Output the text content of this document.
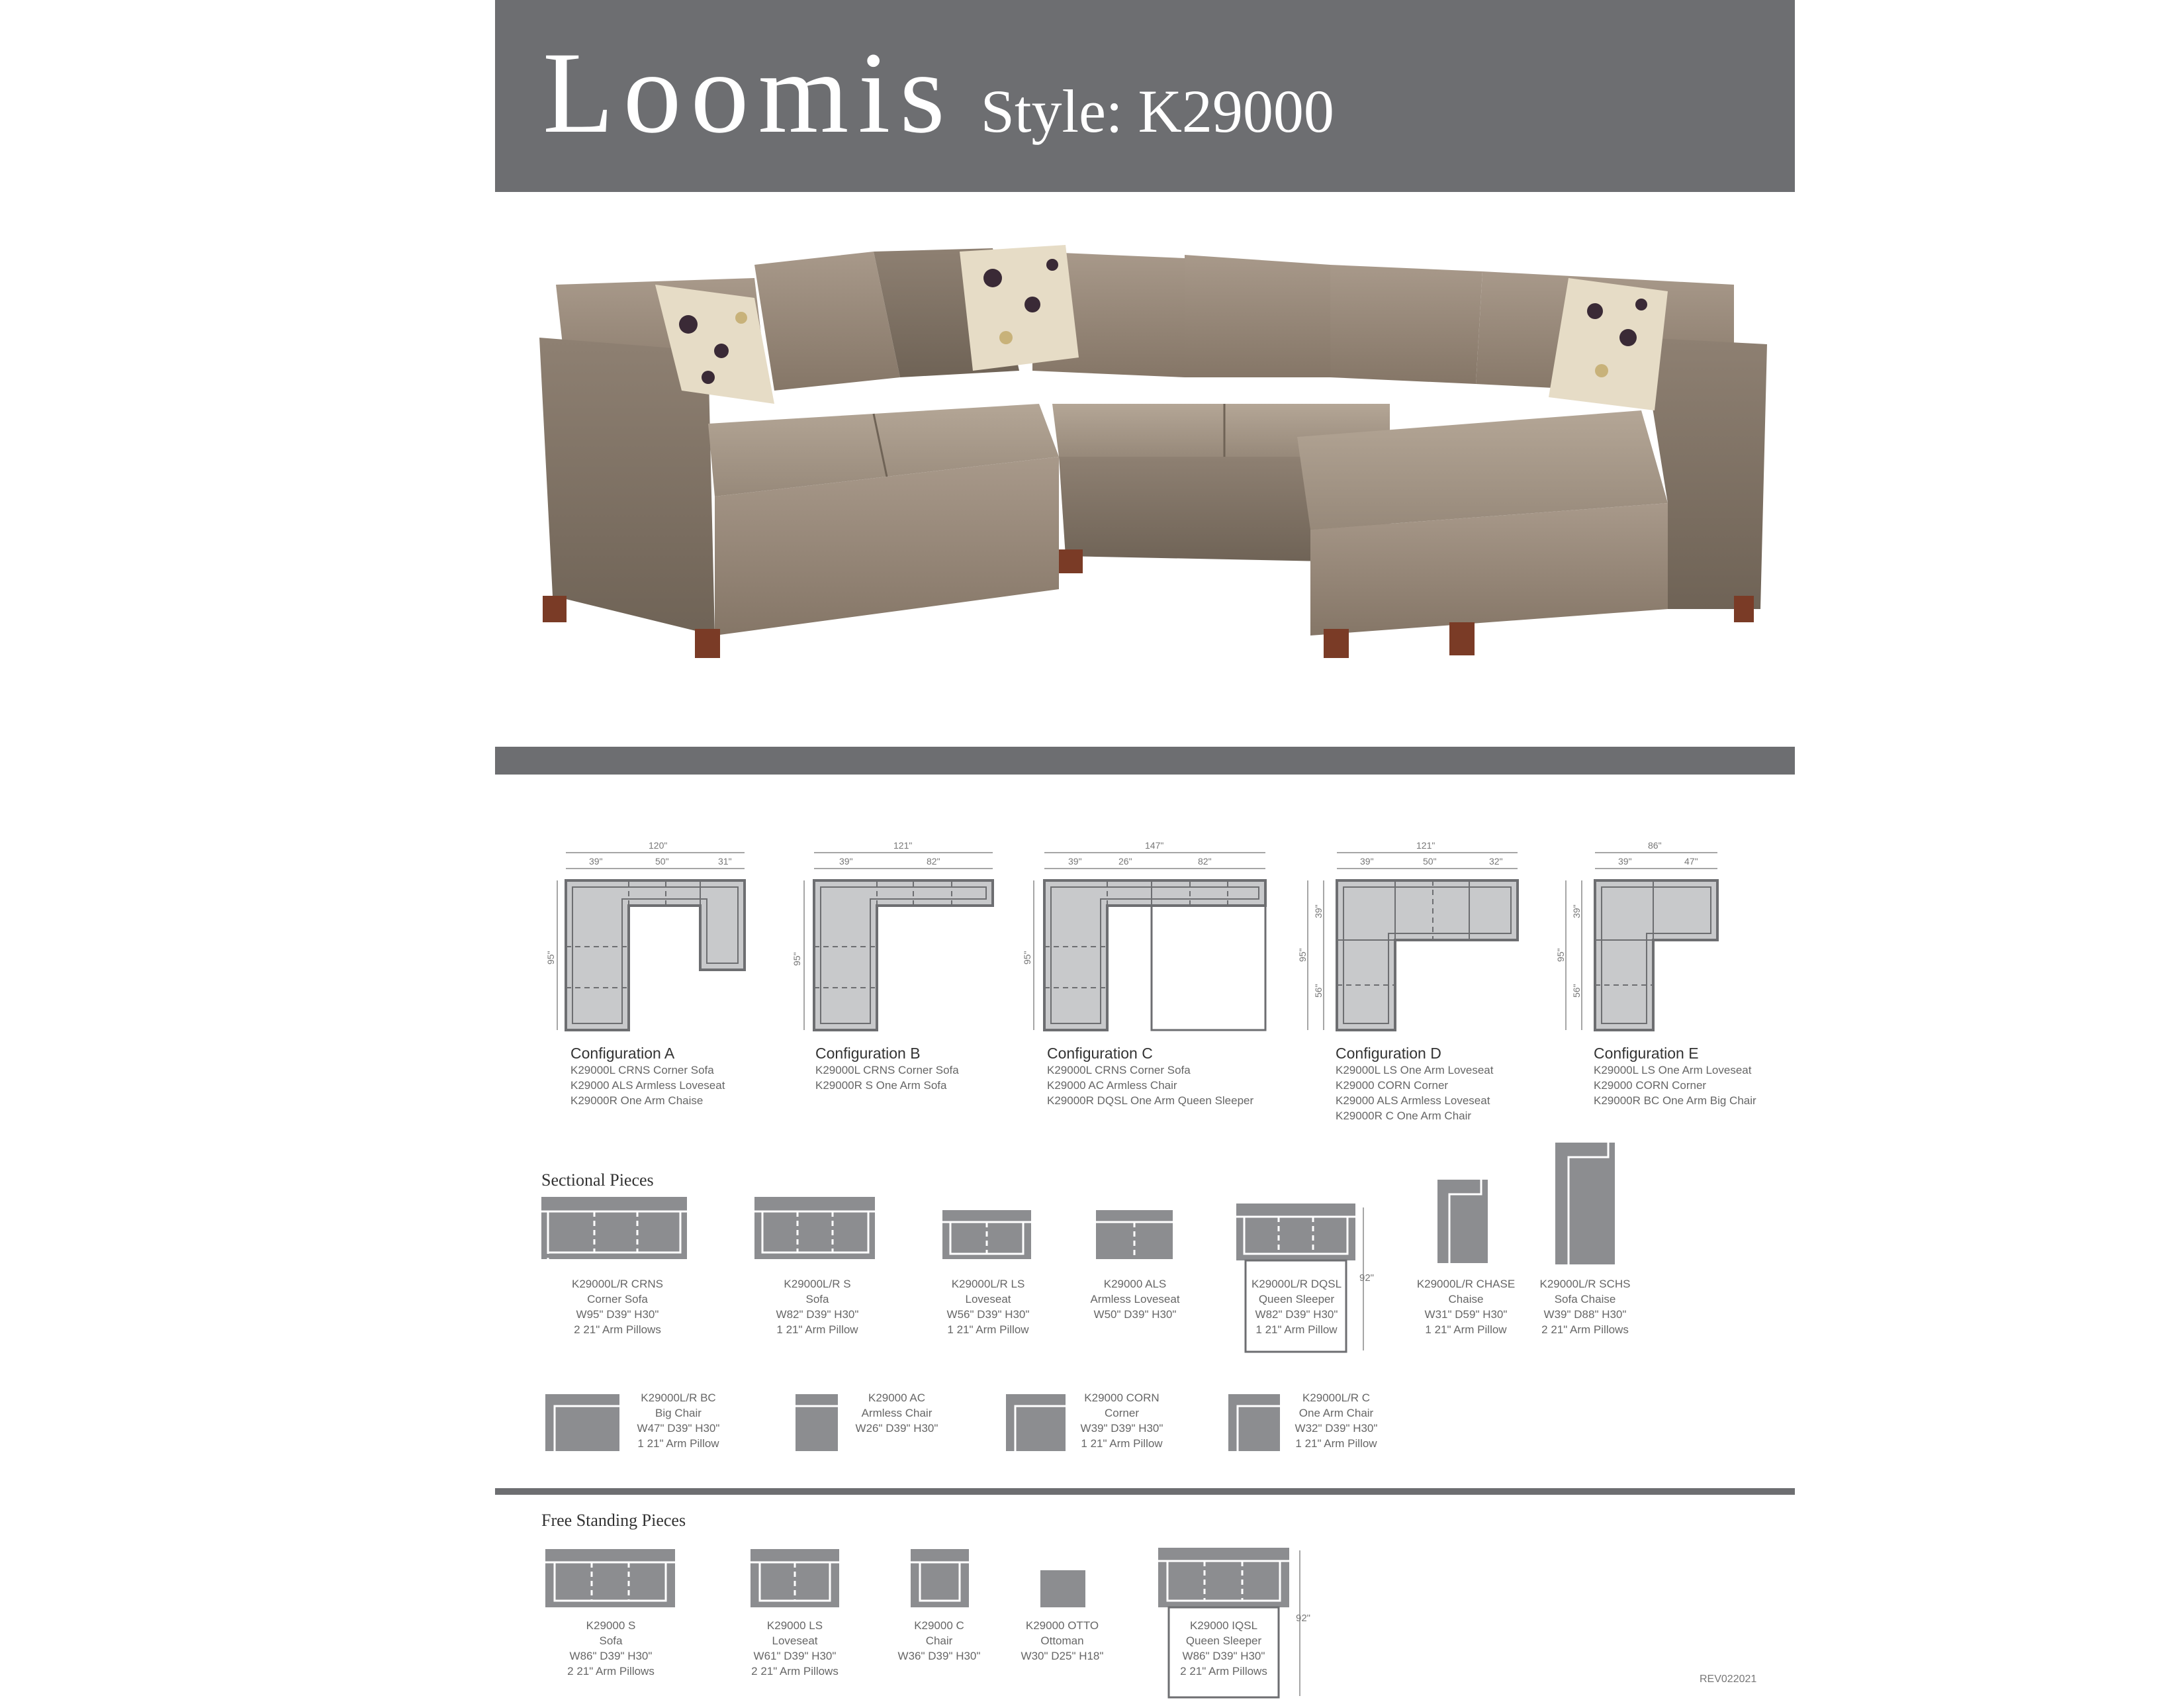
Loomis Style: K29000
120"
39"	50"	31"
95"
Configuration A
K29000L CRNS Corner Sofa
K29000 ALS Armless Loveseat
K29000R One Arm Chaise
121"
39"	82"
95"
Configuration B
K29000L CRNS Corner Sofa
K29000R S One Arm Sofa
147"
39"	26"	82"
95"
Configuration C
K29000L CRNS Corner Sofa
K29000 AC Armless Chair
K29000R DQSL One Arm Queen Sleeper
121"
39"	50"	32"
95"
39"
56"
Configuration D
K29000L LS One Arm Loveseat
K29000 CORN Corner
K29000 ALS Armless Loveseat
K29000R C One Arm Chair
86"
39"	47"
95"
39"
56"
Configuration E
K29000L LS One Arm Loveseat
K29000 CORN Corner
K29000R BC One Arm Big Chair
Sectional Pieces
92"
K29000L/R CRNS
Corner Sofa
W95" D39" H30"
2 21" Arm Pillows
K29000L/R S
Sofa
W82" D39" H30"
1 21" Arm Pillow
K29000L/R LS
Loveseat
W56" D39" H30"
1 21" Arm Pillow
K29000 ALS
Armless Loveseat
W50" D39" H30"
K29000L/R DQSL
Queen Sleeper
W82" D39" H30"
1 21" Arm Pillow
K29000L/R CHASE
Chaise
W31" D59" H30"
1 21" Arm Pillow
K29000L/R SCHS
Sofa Chaise
W39" D88" H30"
2 21" Arm Pillows
K29000L/R BC
Big Chair
W47" D39" H30"
1 21" Arm Pillow
K29000 AC
Armless Chair
W26" D39" H30"
K29000 CORN
Corner
W39" D39" H30"
1 21" Arm Pillow
K29000L/R C
One Arm Chair
W32" D39" H30"
1 21" Arm Pillow
Free Standing Pieces
92"
K29000 S
Sofa
W86" D39" H30"
2 21" Arm Pillows
K29000 LS
Loveseat
W61" D39" H30"
2 21" Arm Pillows
K29000 C
Chair
W36" D39" H30"
K29000 OTTO
Ottoman
W30" D25" H18"
K29000 IQSL
Queen Sleeper
W86" D39" H30"
2 21" Arm Pillows
REV022021
